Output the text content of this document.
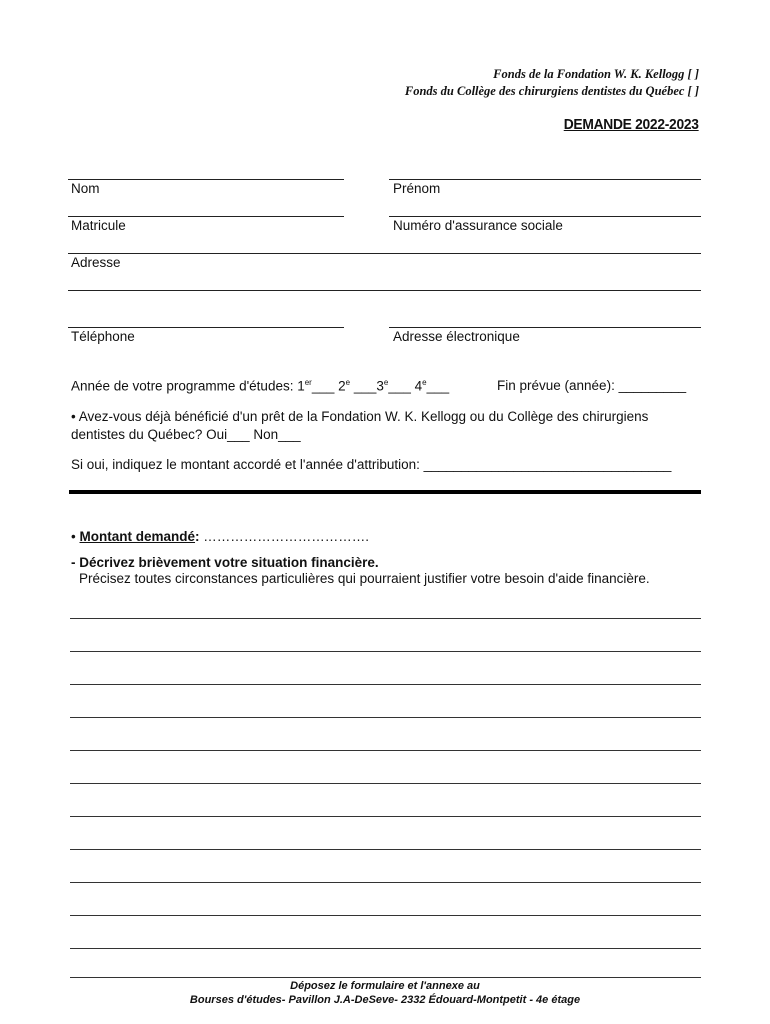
Fonds de la Fondation W. K. Kellogg [ ]
Fonds du Collège des chirurgiens dentistes du Québec [ ]
DEMANDE 2022-2023
Nom	Prénom
Matricule	Numéro d'assurance sociale
Adresse
Téléphone	Adresse électronique
Année de votre programme d'études: 1er___ 2e ___3e___ 4e___	Fin prévue (année): _________
• Avez-vous déjà bénéficié d'un prêt de la Fondation W. K. Kellogg ou du Collège des chirurgiens
dentistes du Québec? Oui___ Non___
Si oui, indiquez le montant accordé et l'année d'attribution: _________________________________
• Montant demandé: ……………………………….
- Décrivez brièvement votre situation financière.
Précisez toutes circonstances particulières qui pourraient justifier votre besoin d'aide financière.
Déposez le formulaire et l'annexe au
Bourses d'études- Pavillon J.A-DeSeve- 2332 Édouard-Montpetit - 4e étage
